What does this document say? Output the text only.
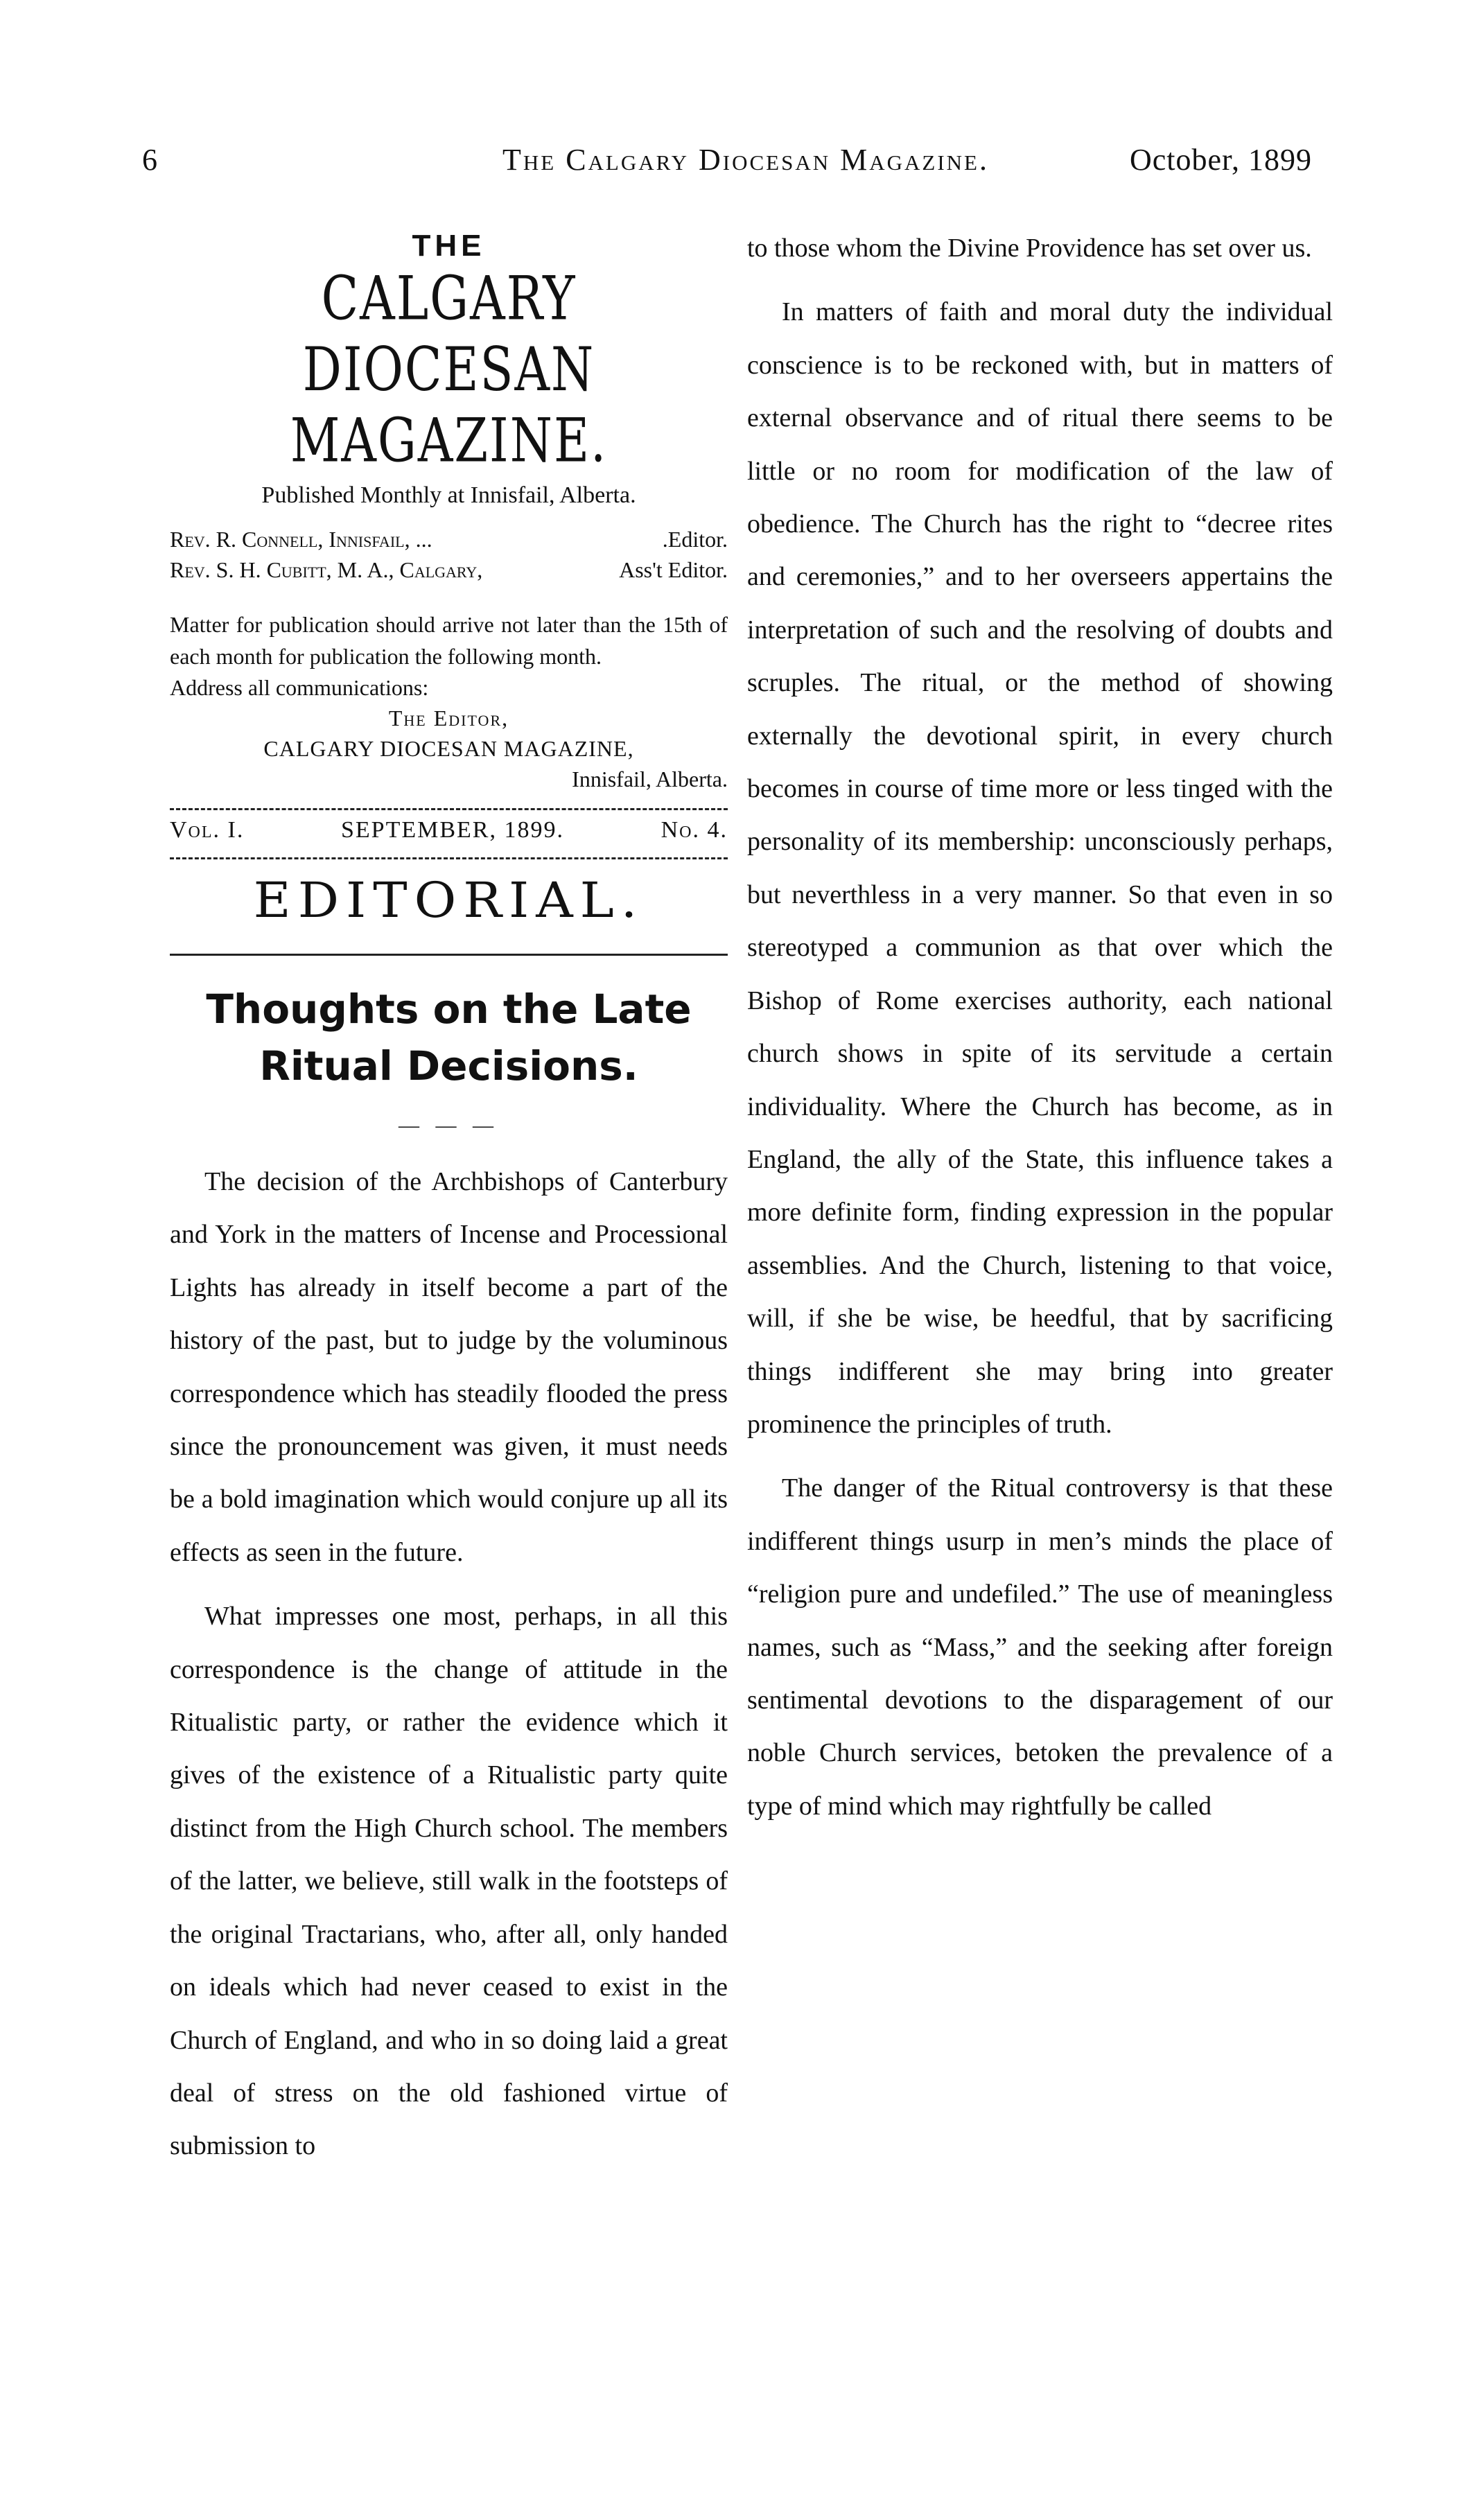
6	The Calgary Diocesan Magazine.	October, 1899
THE
CALGARY DIOCESAN MAGAZINE.
Published Monthly at Innisfail, Alberta.
Rev. R. Connell, Innisfail, ...	.Editor.
Rev. S. H. Cubitt, M. A., Calgary,	Ass't Editor.
Matter for publication should arrive not later than the 15th of each month for publication the following month.
Address all communications:
The Editor,
CALGARY DIOCESAN MAGAZINE,
Innisfail, Alberta.
Vol. I.	SEPTEMBER, 1899.	No. 4.
EDITORIAL.
Thoughts on the Late
Ritual Decisions.
— — —

The decision of the Archbishops of Canterbury and York in the matters of Incense and Processional Lights has already in itself become a part of the history of the past, but to judge by the voluminous correspondence which has steadily flooded the press since the pronouncement was given, it must needs be a bold imagination which would conjure up all its effects as seen in the future.

What impresses one most, perhaps, in all this correspondence is the change of attitude in the Ritualistic party, or rather the evidence which it gives of the existence of a Ritualistic party quite distinct from the High Church school. The members of the latter, we believe, still walk in the footsteps of the original Tractarians, who, after all, only handed on ideals which had never ceased to exist in the Church of England, and who in so doing laid a great deal of stress on the old fashioned virtue of submission to

to those whom the Divine Providence has set over us.

In matters of faith and moral duty the individual conscience is to be reckoned with, but in matters of external observance and of ritual there seems to be little or no room for modification of the law of obedience. The Church has the right to “decree rites and ceremonies,” and to her overseers appertains the interpretation of such and the resolving of doubts and scruples. The ritual, or the method of showing externally the devotional spirit, in every church becomes in course of time more or less tinged with the personality of its membership: unconsciously perhaps, but neverthless in a very manner. So that even in so stereotyped a communion as that over which the Bishop of Rome exercises authority, each national church shows in spite of its servitude a certain individuality. Where the Church has become, as in England, the ally of the State, this influence takes a more definite form, finding expression in the popular assemblies. And the Church, listening to that voice, will, if she be wise, be heedful, that by sacrificing things indifferent she may bring into greater prominence the principles of truth.

The danger of the Ritual controversy is that these indifferent things usurp in men’s minds the place of “religion pure and undefiled.” The use of meaningless names, such as “Mass,” and the seeking after foreign sentimental devotions to the disparagement of our noble Church services, betoken the prevalence of a type of mind which may rightfully be called
